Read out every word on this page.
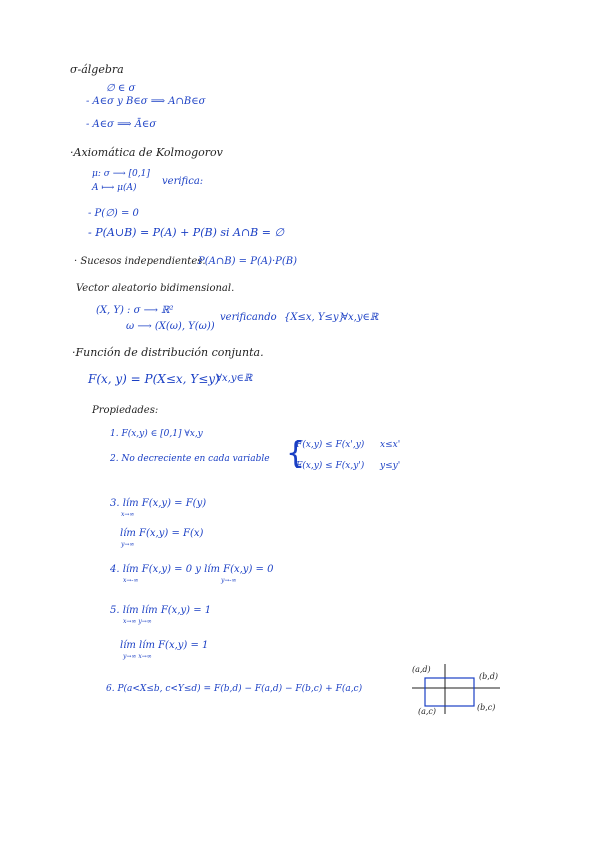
σ-álgebra
∅ ∈ σ
- A∈σ y B∈σ ⟹ A∩B∈σ
- A∈σ ⟹ Ā∈σ
·Axiomática de Kolmogorov
μ: σ ⟶ [0,1]
A ⟼ μ(A)
verifica:
- P(∅) = 0
- P(A∪B) = P(A) + P(B) si A∩B = ∅
· Sucesos independientes.
P(A∩B) = P(A)·P(B)
Vector aleatorio bidimensional.
(X, Y) : σ ⟶ ℝ²
ω ⟶ (X(ω), Y(ω))
verificando {X≤x, Y≤y}
∀x,y∈ℝ
·Función de distribución conjunta.
F(x, y) = P(X≤x, Y≤y)
∀x,y∈ℝ
Propiedades:
1. F(x,y) ∈ [0,1] ∀x,y
2. No decreciente en cada variable {
F(x,y) ≤ F(x',y) x≤x'
F(x,y) ≤ F(x,y') y≤y'
3. lím F(x,y) = F(y)
x→∞
lím F(x,y) = F(x)
y→∞
4. lím F(x,y) = 0 y lím F(x,y) = 0
x→-∞	y→-∞
5. lím lím F(x,y) = 1
x→∞ y→∞
lím lím F(x,y) = 1
y→∞ x→∞
6. P(a<X≤b, c<Y≤d) = F(b,d) − F(a,d) − F(b,c) + F(a,c)
(a,d)
(b,d)
(a,c)	(b,c)
